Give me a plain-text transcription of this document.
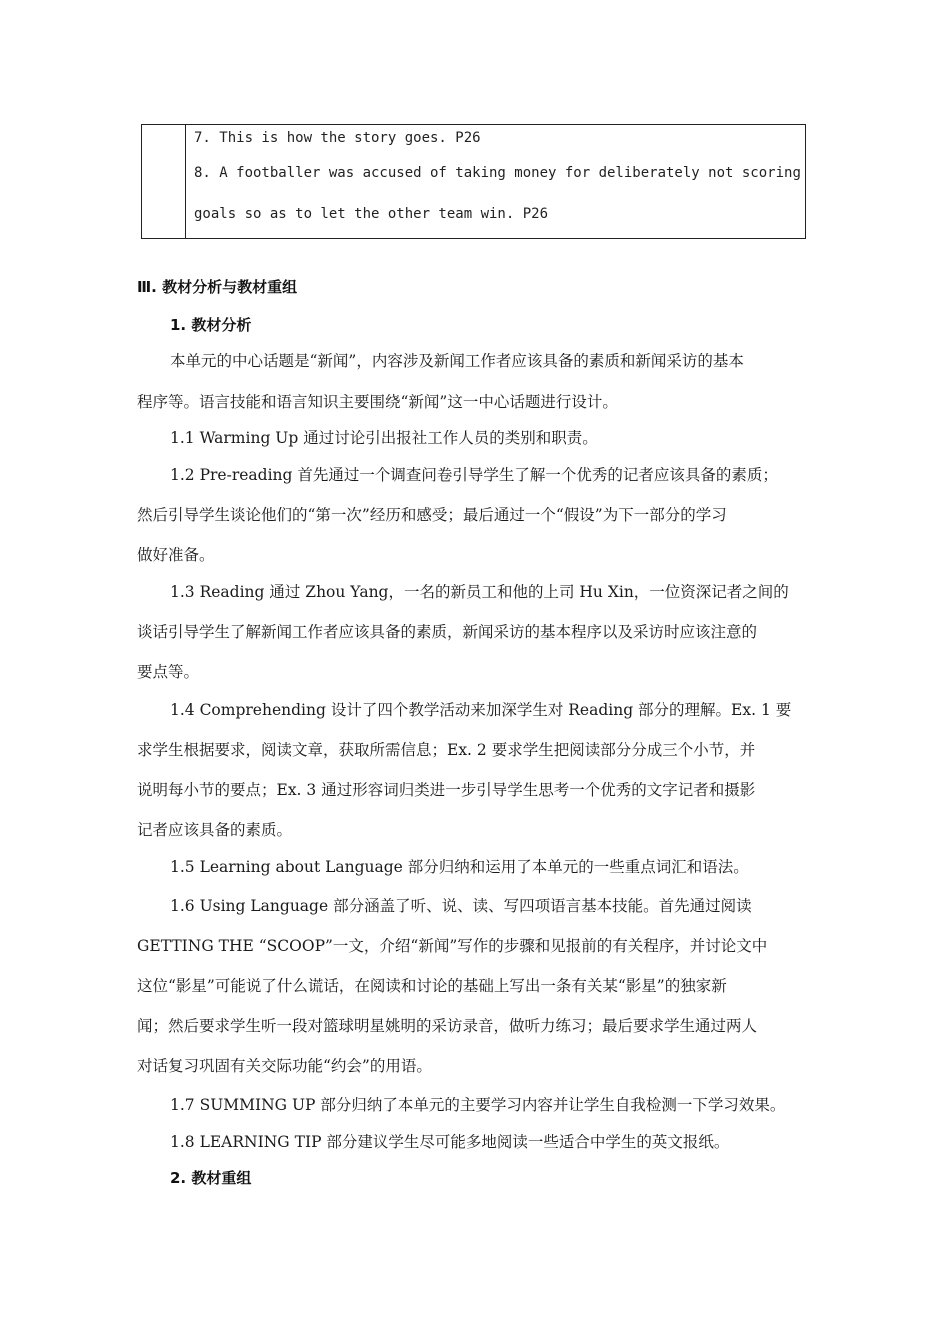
7. This is how the story goes. P26
8. A footballer was accused of taking money for deliberately not scoring
goals so as to let the other team win. P26
Ⅲ. 教材分析与教材重组
1. 教材分析
本单元的中心话题是“新闻”，内容涉及新闻工作者应该具备的素质和新闻采访的基本
程序等。语言技能和语言知识主要围绕“新闻”这一中心话题进行设计。
1.1 Warming Up 通过讨论引出报社工作人员的类别和职责。
1.2 Pre-reading 首先通过一个调查问卷引导学生了解一个优秀的记者应该具备的素质；
然后引导学生谈论他们的“第一次”经历和感受；最后通过一个“假设”为下一部分的学习
做好准备。
1.3 Reading 通过 Zhou Yang，一名的新员工和他的上司 Hu Xin，一位资深记者之间的
谈话引导学生了解新闻工作者应该具备的素质，新闻采访的基本程序以及采访时应该注意的
要点等。
1.4 Comprehending 设计了四个教学活动来加深学生对 Reading 部分的理解。Ex. 1 要
求学生根据要求，阅读文章，获取所需信息；Ex. 2 要求学生把阅读部分分成三个小节，并
说明每小节的要点；Ex. 3 通过形容词归类进一步引导学生思考一个优秀的文字记者和摄影
记者应该具备的素质。
1.5 Learning about Language 部分归纳和运用了本单元的一些重点词汇和语法。
1.6 Using Language 部分涵盖了听、说、读、写四项语言基本技能。首先通过阅读
GETTING THE “SCOOP”一文，介绍“新闻”写作的步骤和见报前的有关程序，并讨论文中
这位“影星”可能说了什么谎话，在阅读和讨论的基础上写出一条有关某“影星”的独家新
闻；然后要求学生听一段对篮球明星姚明的采访录音，做听力练习；最后要求学生通过两人
对话复习巩固有关交际功能“约会”的用语。
1.7 SUMMING UP 部分归纳了本单元的主要学习内容并让学生自我检测一下学习效果。
1.8 LEARNING TIP 部分建议学生尽可能多地阅读一些适合中学生的英文报纸。
2. 教材重组
